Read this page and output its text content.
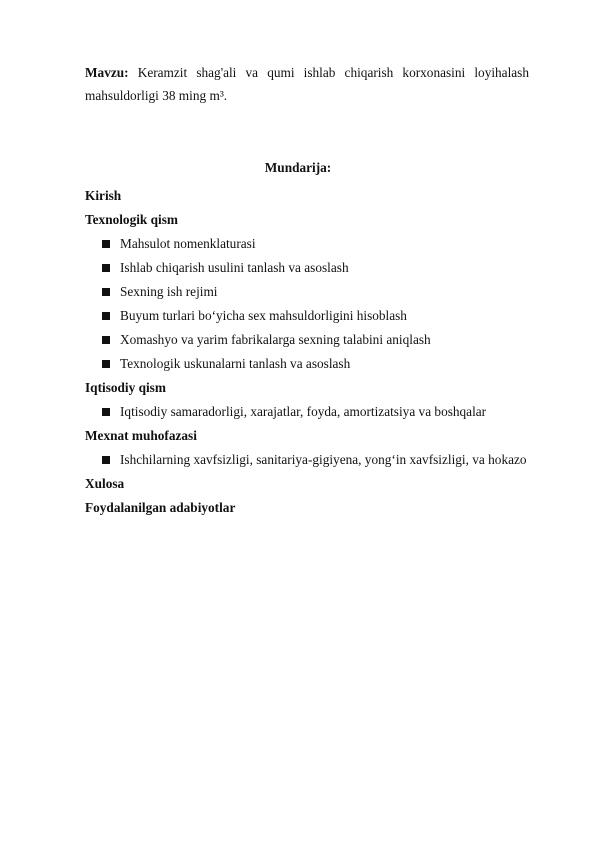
Mavzu: Keramzit shag'ali va qumi ishlab chiqarish korxonasini loyihalash mahsuldorligi 38 ming m³.
Mundarija:
Kirish
Texnologik qism
Mahsulot nomenklaturasi
Ishlab chiqarish usulini tanlash va asoslash
Sexning ish rejimi
Buyum turlari bo‘yicha sex mahsuldorligini hisoblash
Xomashyo va yarim fabrikalarga sexning talabini aniqlash
Texnologik uskunalarni tanlash va asoslash
Iqtisodiy qism
Iqtisodiy samaradorligi, xarajatlar, foyda, amortizatsiya va boshqalar
Mexnat muhofazasi
Ishchilarning xavfsizligi, sanitariya-gigiyena, yong‘in xavfsizligi, va hokazo
Xulosa
Foydalanilgan adabiyotlar
